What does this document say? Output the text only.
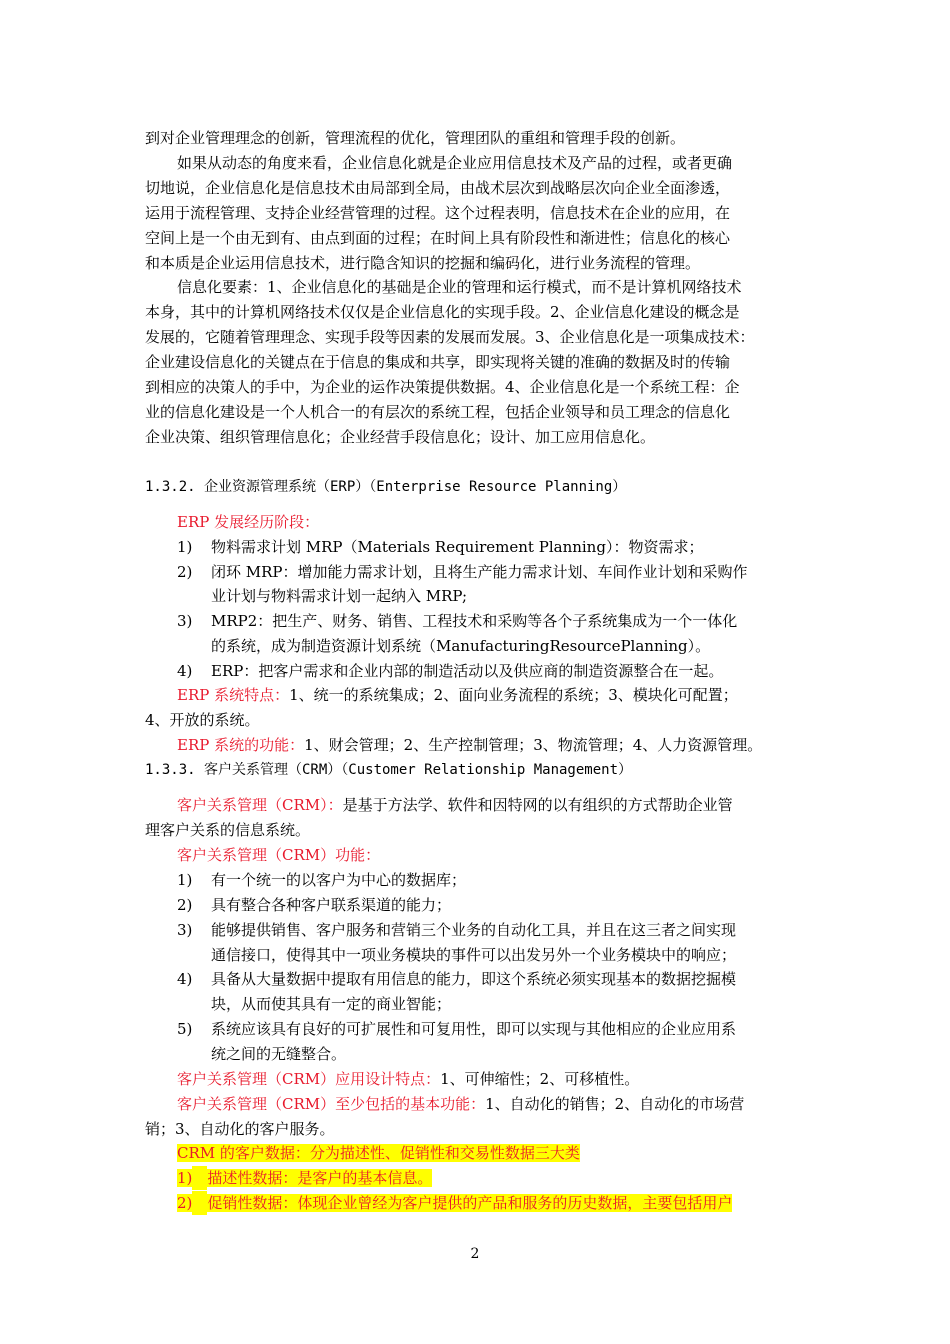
到对企业管理理念的创新，管理流程的优化，管理团队的重组和管理手段的创新。
如果从动态的角度来看，企业信息化就是企业应用信息技术及产品的过程，或者更确
切地说，企业信息化是信息技术由局部到全局，由战术层次到战略层次向企业全面渗透，
运用于流程管理、支持企业经营管理的过程。这个过程表明，信息技术在企业的应用，在
空间上是一个由无到有、由点到面的过程；在时间上具有阶段性和渐进性；信息化的核心
和本质是企业运用信息技术，进行隐含知识的挖掘和编码化，进行业务流程的管理。
信息化要素：1、企业信息化的基础是企业的管理和运行模式，而不是计算机网络技术
本身，其中的计算机网络技术仅仅是企业信息化的实现手段。2、企业信息化建设的概念是
发展的，它随着管理理念、实现手段等因素的发展而发展。3、企业信息化是一项集成技术：
企业建设信息化的关键点在于信息的集成和共享，即实现将关键的准确的数据及时的传输
到相应的决策人的手中，为企业的运作决策提供数据。4、企业信息化是一个系统工程：企
业的信息化建设是一个人机合一的有层次的系统工程，包括企业领导和员工理念的信息化
企业决策、组织管理信息化；企业经营手段信息化；设计、加工应用信息化。
1.3.2. 企业资源管理系统（ERP）（Enterprise Resource Planning）
ERP 发展经历阶段：
1) 物料需求计划 MRP（Materials Requirement Planning）：物资需求；
2) 闭环 MRP：增加能力需求计划，且将生产能力需求计划、车间作业计划和采购作
业计划与物料需求计划一起纳入 MRP;
3) MRP2：把生产、财务、销售、工程技术和采购等各个子系统集成为一个一体化
的系统，成为制造资源计划系统（ManufacturingResourcePlanning）。
4) ERP：把客户需求和企业内部的制造活动以及供应商的制造资源整合在一起。
ERP 系统特点：1、统一的系统集成；2、面向业务流程的系统；3、模块化可配置；
4、开放的系统。
ERP 系统的功能：1、财会管理；2、生产控制管理；3、物流管理；4、人力资源管理。
1.3.3. 客户关系管理（CRM）（Customer Relationship Management）
客户关系管理（CRM）：是基于方法学、软件和因特网的以有组织的方式帮助企业管
理客户关系的信息系统。
客户关系管理（CRM）功能：
1) 有一个统一的以客户为中心的数据库；
2) 具有整合各种客户联系渠道的能力；
3) 能够提供销售、客户服务和营销三个业务的自动化工具，并且在这三者之间实现
通信接口，使得其中一项业务模块的事件可以出发另外一个业务模块中的响应；
4) 具备从大量数据中提取有用信息的能力，即这个系统必须实现基本的数据挖掘模
块，从而使其具有一定的商业智能；
5) 系统应该具有良好的可扩展性和可复用性，即可以实现与其他相应的企业应用系
统之间的无缝整合。
客户关系管理（CRM）应用设计特点：1、可伸缩性；2、可移植性。
客户关系管理（CRM）至少包括的基本功能：1、自动化的销售；2、自动化的市场营
销；3、自动化的客户服务。
CRM 的客户数据：分为描述性、促销性和交易性数据三大类
1) 描述性数据：是客户的基本信息。
2) 促销性数据：体现企业曾经为客户提供的产品和服务的历史数据，主要包括用户
2
